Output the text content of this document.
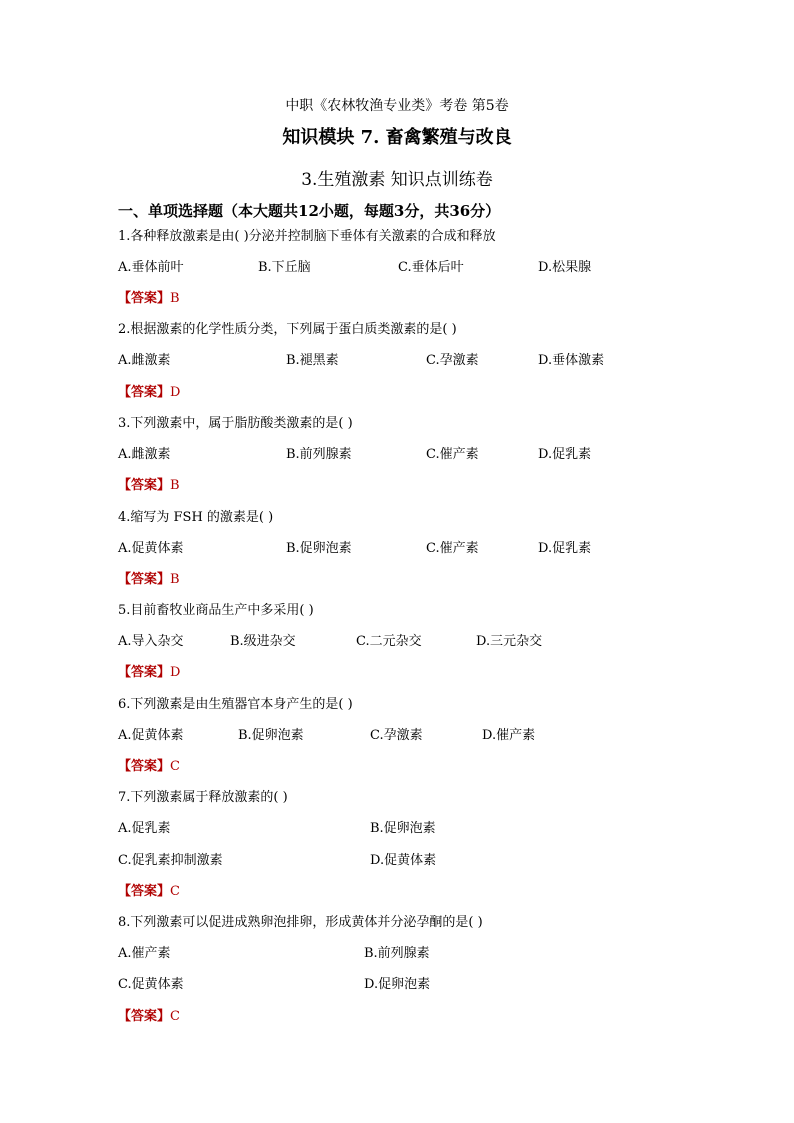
中职《农林牧渔专业类》考卷 第5卷
知识模块 7. 畜禽繁殖与改良
3.生殖激素 知识点训练卷
一、单项选择题（本大题共12小题，每题3分，共36分）
1.各种释放激素是由( )分泌并控制脑下垂体有关激素的合成和释放
A.垂体前叶	B.下丘脑	C.垂体后叶	D.松果腺
【答案】B
2.根据激素的化学性质分类，下列属于蛋白质类激素的是( )
A.雌激素	B.褪黑素	C.孕激素	D.垂体激素
【答案】D
3.下列激素中，属于脂肪酸类激素的是( )
A.雌激素	B.前列腺素	C.催产素	D.促乳素
【答案】B
4.缩写为 FSH 的激素是( )
A.促黄体素	B.促卵泡素	C.催产素	D.促乳素
【答案】B
5.目前畜牧业商品生产中多采用( )
A.导入杂交	B.级进杂交	C.二元杂交	D.三元杂交
【答案】D
6.下列激素是由生殖器官本身产生的是( )
A.促黄体素	B.促卵泡素	C.孕激素	D.催产素
【答案】C
7.下列激素属于释放激素的( )
A.促乳素	B.促卵泡素
C.促乳素抑制激素	D.促黄体素
【答案】C
8.下列激素可以促进成熟卵泡排卵，形成黄体并分泌孕酮的是( )
A.催产素	B.前列腺素
C.促黄体素	D.促卵泡素
【答案】C
